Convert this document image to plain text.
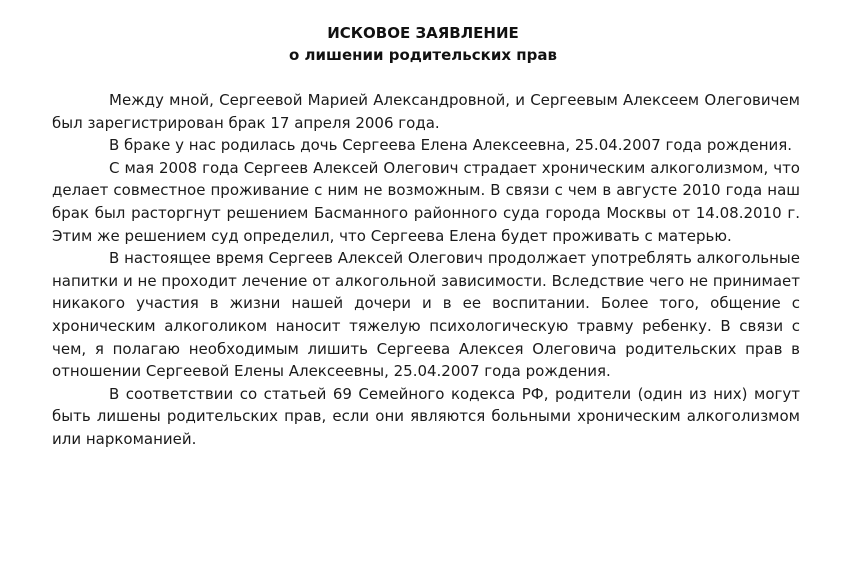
ИСКОВОЕ ЗАЯВЛЕНИЕ
о лишении родительских прав

Между мной, Сергеевой Марией Александровной, и Сергеевым Алексеем Олеговичем был зарегистрирован брак 17 апреля 2006 года.

В браке у нас родилась дочь Сергеева Елена Алексеевна, 25.04.2007 года рождения.

С мая 2008 года Сергеев Алексей Олегович страдает хроническим алкоголизмом, что делает совместное проживание с ним не возможным. В связи с чем в августе 2010 года наш брак был расторгнут решением Басманного районного суда города Москвы от 14.08.2010 г. Этим же решением суд определил, что Сергеева Елена будет проживать с матерью.

В настоящее время Сергеев Алексей Олегович продолжает употреблять алкогольные напитки и не проходит лечение от алкогольной зависимости. Вследствие чего не принимает никакого участия в жизни нашей дочери и в ее воспитании. Более того, общение с хроническим алкоголиком наносит тяжелую психологическую травму ребенку. В связи с чем, я полагаю необходимым лишить Сергеева Алексея Олеговича родительских прав в отношении Сергеевой Елены Алексеевны, 25.04.2007 года рождения.

В соответствии со статьей 69 Семейного кодекса РФ, родители (один из них) могут быть лишены родительских прав, если они являются больными хроническим алкоголизмом или наркоманией.
